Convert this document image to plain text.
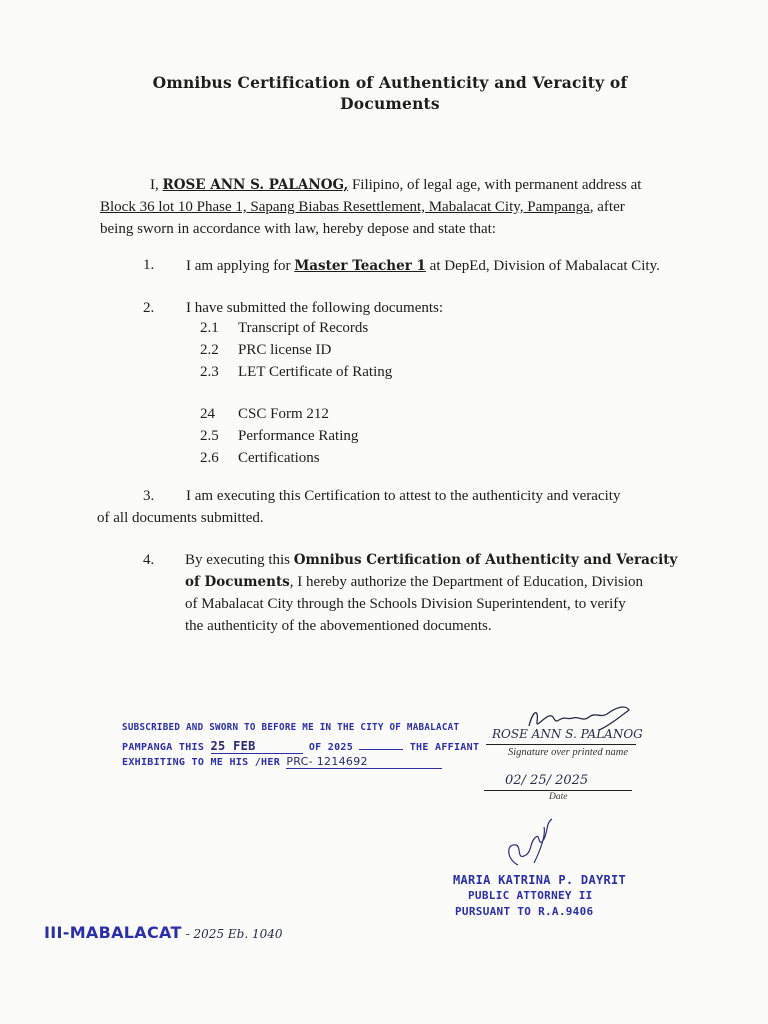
Omnibus Certification of Authenticity and Veracity of
Documents
I, ROSE ANN S. PALANOG, Filipino, of legal age, with permanent address at
Block 36 lot 10 Phase 1, Sapang Biabas Resettlement, Mabalacat City, Pampanga, after
being sworn in accordance with law, hereby depose and state that:
1. I am applying for Master Teacher 1 at DepEd, Division of Mabalacat City.
2. I have submitted the following documents:
2.1 Transcript of Records
2.2 PRC license ID
2.3 LET Certificate of Rating
24 CSC Form 212
2.5 Performance Rating
2.6 Certifications
3. I am executing this Certification to attest to the authenticity and veracity
of all documents submitted.
4. By executing this Omnibus Certification of Authenticity and Veracity
of Documents, I hereby authorize the Department of Education, Division
of Mabalacat City through the Schools Division Superintendent, to verify
the authenticity of the abovementioned documents.
SUBSCRIBED AND SWORN TO BEFORE ME IN THE CITY OF MABALACAT
PAMPANGA THIS 25 FEB	OF 2025	THE AFFIANT
EXHIBITING TO ME HIS /HER PRC- 1214692
ROSE ANN S. PALANOG
Signature over printed name
02/ 25/ 2025
Date
MARIA KATRINA P. DAYRIT
PUBLIC ATTORNEY II
PURSUANT TO R.A.9406
III-MABALACAT - 2025 Eb. 1040
